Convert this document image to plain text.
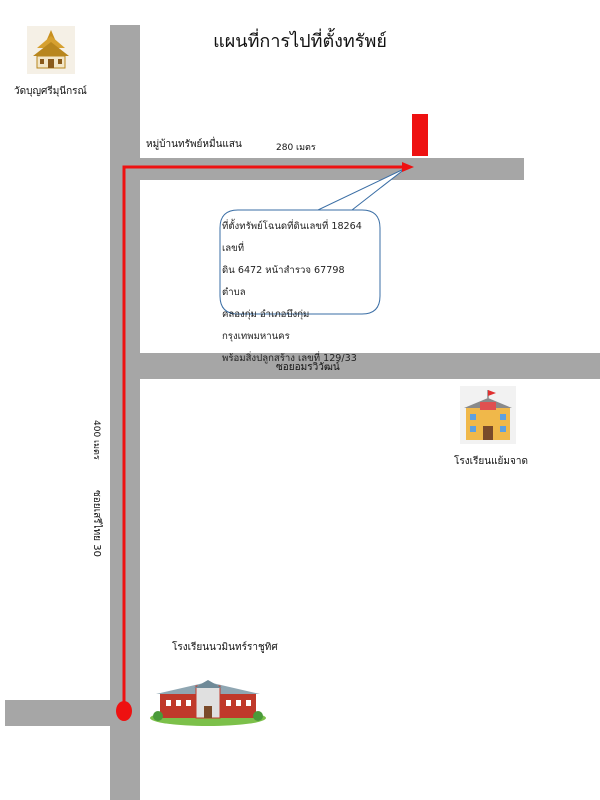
แผนที่การไปที่ตั้งทรัพย์
หมู่บ้านทรัพย์หมื่นแสน	280 เมตร
ซอยอมรวิวัฒน์
400 เมตร
ซอยเสรีไทย 30
ที่ตั้งทรัพย์โฉนดที่ดินเลขที่ 18264 เลขที่
ดิน 6472 หน้าสำรวจ 67798 ตำบล
คลองกุ่ม อำเภอบึงกุ่ม กรุงเทพมหานคร
พร้อมสิ่งปลูกสร้าง เลขที่ 129/33
วัดบุญศรีมุนีกรณ์
โรงเรียนแย้มจาด
โรงเรียนนวมินทร์ราชูทิศ
